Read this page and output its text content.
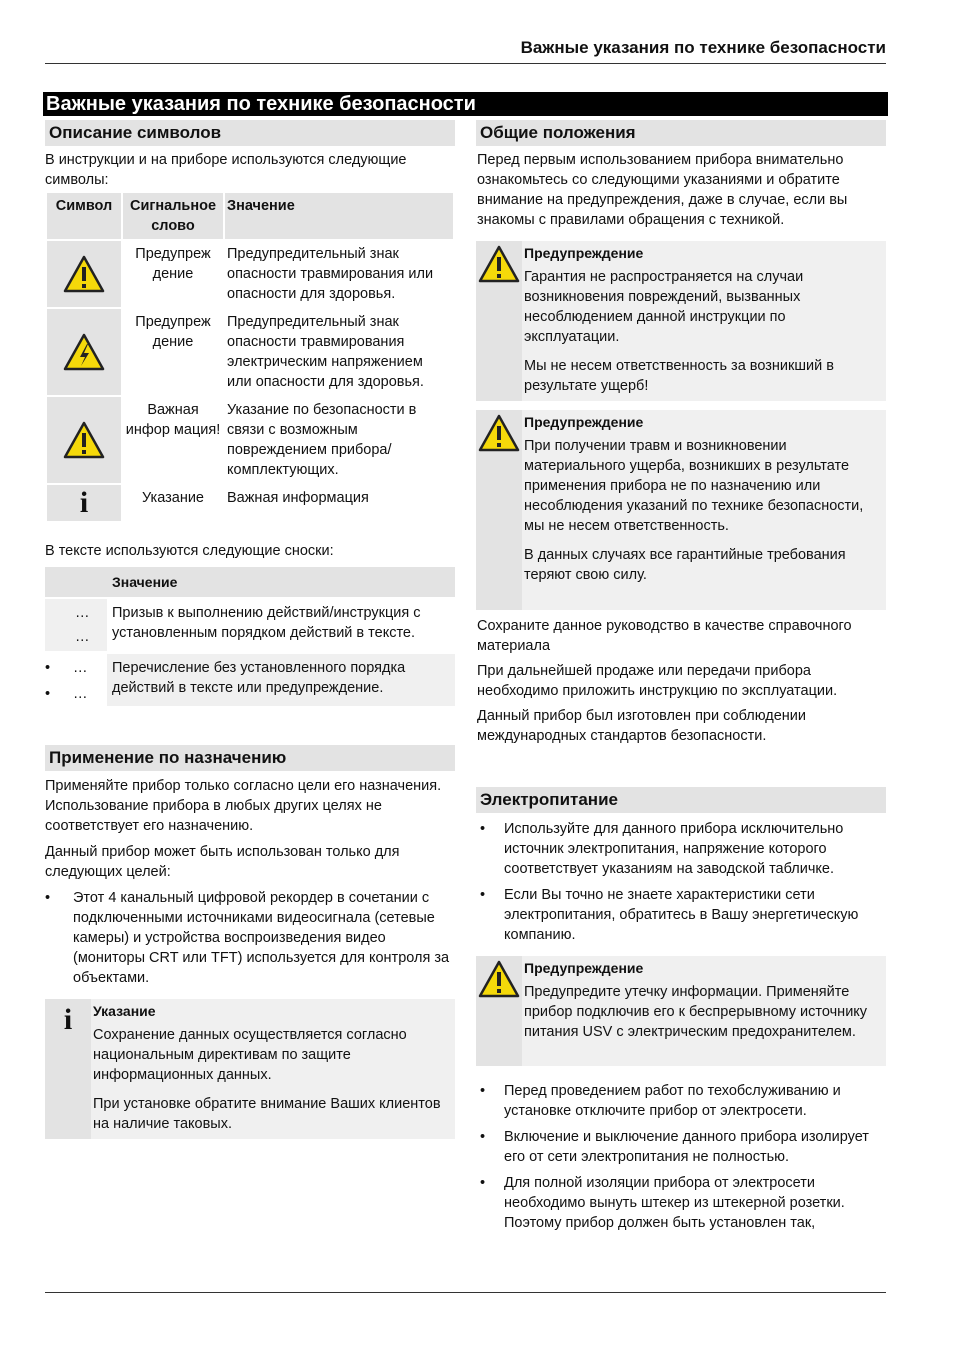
Важные указания по технике безопасности
Важные указания по технике безопасности
Описание символов

В инструкции и на приборе используются следующие символы:

Символ	Сигнальное слово	Значение

	Предупреж дение	Предупредительный знак опасности травмирования или опасности для здоровья.

	Предупреж дение	Предупредительный знак опасности травмирования электрическим напряжением или опасности для здоровья.

	Важная инфор мация!	Указание по безопасности в связи с возможным повреждением прибора/ комплектующих.

i	Указание	Важная информация

В тексте используются следующие сноски:

Значение
…
…

Призыв к выполнению действий/инструкция с установленным порядком действий в тексте.

• …
• …

Перечисление без установленного порядка действий в тексте или предупреждение.

Применение по назначению

Применяйте прибор только согласно цели его назначения. Использование прибора в любых других целях не соответствует его назначению.

Данный прибор может быть использован только для следующих целей:

• Этот 4 канальный цифровой рекордер в сочетании с подключенными источниками видеосигнала (сетевые камеры) и устройства воспроизведения видео (мониторы CRT или TFT) используется для контроля за объектами.

i	Указание

Сохранение данных осуществляется согласно национальным директивам по защите информационных данных.

При установке обратите внимание Ваших клиентов на наличие таковых.

Общие положения

Перед первым использованием прибора внимательно ознакомьтесь со следующими указаниями и обратите внимание на предупреждения, даже в случае, если вы знакомы с правилами обращения с техникой.

Предупреждение

Гарантия не распространяется на случаи возникновения повреждений, вызванных несоблюдением данной инструкции по эксплуатации.

Мы не несем ответственность за возникший в результате ущерб!

Предупреждение

При получении травм и возникновении материального ущерба, возникших в результате применения прибора не по назначению или несоблюдения указаний по технике безопасности, мы не несем ответственность.

В данных случаях все гарантийные требования теряют свою силу.

Сохраните данное руководство в качестве справочного материала

При дальнейшей продаже или передачи прибора необходимо приложить инструкцию по эксплуатации.

Данный прибор был изготовлен при соблюдении международных стандартов безопасности.

Электропитание
• Используйте для данного прибора исключительно источник электропитания, напряжение которого соответствует указаниям на заводской табличке.
• Если Вы точно не знаете характеристики сети электропитания, обратитесь в Вашу энергетическую компанию.
Предупреждение

Предупредите утечку информации. Применяйте прибор подключив его к беспрерывному источнику питания USV с электрическим предохранителем.

• Перед проведением работ по техобслуживанию и установке отключите прибор от электросети.
• Включение и выключение данного прибора изолирует его от сети электропитания не полностью.
• Для полной изоляции прибора от электросети необходимо вынуть штекер из штекерной розетки. Поэтому прибор должен быть установлен так,
